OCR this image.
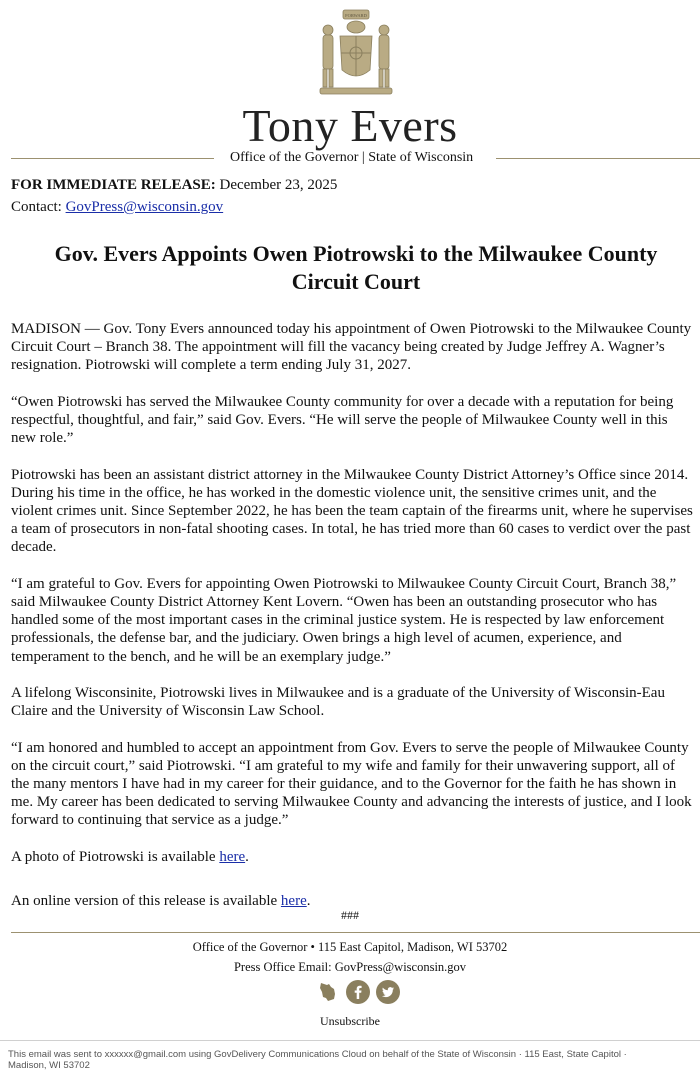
FORWARD
Tony Evers
Office of the Governor | State of Wisconsin
FOR IMMEDIATE RELEASE: December 23, 2025
Contact: GovPress@wisconsin.gov
Gov. Evers Appoints Owen Piotrowski to the Milwaukee County Circuit Court

MADISON — Gov. Tony Evers announced today his appointment of Owen Piotrowski to the Milwaukee County Circuit Court – Branch 38. The appointment will fill the vacancy being created by Judge Jeffrey A. Wagner’s resignation. Piotrowski will complete a term ending July 31, 2027.

“Owen Piotrowski has served the Milwaukee County community for over a decade with a reputation for being respectful, thoughtful, and fair,” said Gov. Evers. “He will serve the people of Milwaukee County well in this new role.”

Piotrowski has been an assistant district attorney in the Milwaukee County District Attorney’s Office since 2014. During his time in the office, he has worked in the domestic violence unit, the sensitive crimes unit, and the violent crimes unit. Since September 2022, he has been the team captain of the firearms unit, where he supervises a team of prosecutors in non-fatal shooting cases. In total, he has tried more than 60 cases to verdict over the past decade.

“I am grateful to Gov. Evers for appointing Owen Piotrowski to Milwaukee County Circuit Court, Branch 38,” said Milwaukee County District Attorney Kent Lovern. “Owen has been an outstanding prosecutor who has handled some of the most important cases in the criminal justice system. He is respected by law enforcement professionals, the defense bar, and the judiciary. Owen brings a high level of acumen, experience, and temperament to the bench, and he will be an exemplary judge.”

A lifelong Wisconsinite, Piotrowski lives in Milwaukee and is a graduate of the University of Wisconsin-Eau Claire and the University of Wisconsin Law School.

“I am honored and humbled to accept an appointment from Gov. Evers to serve the people of Milwaukee County on the circuit court,” said Piotrowski. “I am grateful to my wife and family for their unwavering support, all of the many mentors I have had in my career for their guidance, and to the Governor for the faith he has shown in me. My career has been dedicated to serving Milwaukee County and advancing the interests of justice, and I look forward to continuing that service as a judge.”

A photo of Piotrowski is available here.

An online version of this release is available here.

###
Office of the Governor • 115 East Capitol, Madison, WI 53702
Press Office Email: GovPress@wisconsin.gov
Unsubscribe
This email was sent to xxxxxx@gmail.com using GovDelivery Communications Cloud on behalf of the State of Wisconsin · 115 East, State Capitol · Madison, WI 53702
